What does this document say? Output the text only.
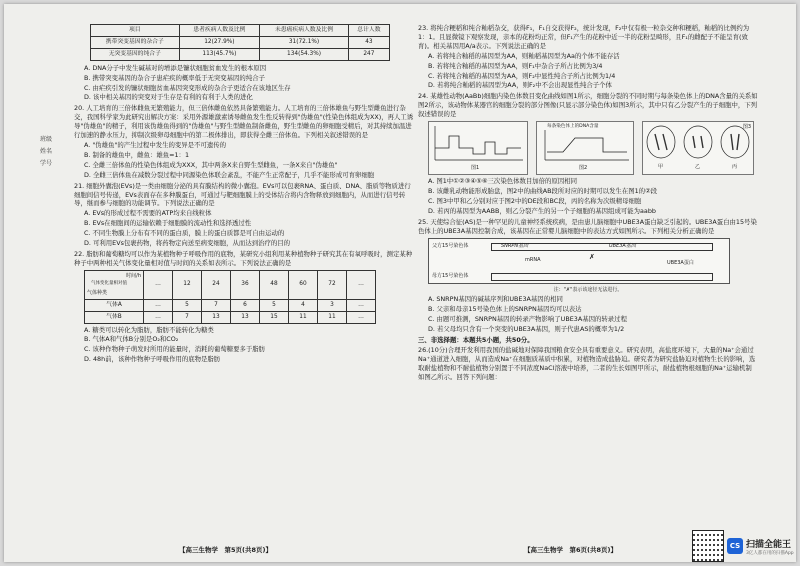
班级　姓名　学号
项目	患者疾病人数及比例	未患癌疾病人数及比例	总计人数
携带突变基因的杂合子	12(27.9%)	31(72.1%)	43
无突变基因的纯合子	113(45.7%)	134(54.3%)	247

A. DNA分子中发生碱基对的增添是镰状细胞贫血发生的根本原因

B. 携带突变基因的杂合子患疟疾的概率低于无突变基因的纯合子

C. 由疟疾引发的镰状细胞贫血基因突变形成的杂合子更适合在该地区生存

D. 该中相关基因的突变对于生存是有利的有利于人类的进化

20. 人工培育的三倍体雌鱼无繁殖能力，但三倍体雌鱼依然具备繁殖能力。人工培育的三倍体雄鱼与野生型雌鱼进行杂交，我国科学家为此研究出解决方案：采用外源雄激素诱导雌鱼发生性反转得到"伪雄鱼"(性染色体组成为XX)，再人工诱导"伪雄鱼"的精子，利用该伪雄鱼得到的"伪雄鱼"与野生型雌鱼制备雌鱼，野生型雌鱼的卵细胞受精后，对其持续加温进行加速的静水压力，抑制次级卵母细胞中的第二极体排出，即获得全雌三倍体鱼。下列相关叙述错误的是

A. "伪雄鱼"的产生过程中发生的变异是不可遗传的

B. 制备的雄鱼中，雌鱼：雄鱼=1：1

C. 全雌三倍体鱼的性染色体组成为XXX，其中两条X来自野生型雌鱼，一条X来自"伪雄鱼"

D. 全雌三倍体鱼在减数分裂过程中同源染色体联会紊乱，不能产生正常配子，几乎不能形成可育卵细胞

21. 细胞外囊泡(EVs)是一类由细胞分泌的具有膜结构的微小囊泡。EVs可以包裹RNA、蛋白质、DNA、脂质等物质进行细胞间信号传递，EVs表面存在多种膜蛋白，可通过与靶细胞膜上的受体结合将内含物释放到细胞内，从而进行信号转导，继而参与细胞的功能调节。下列说法正确的是

A. EVs的形成过程不需要的ATP均来自线粒体

B. EVs在细胞间的运输依赖于细胞膜的流动性和选择透过性

C. 不同生物膜上分布有不同的蛋白质，膜上的蛋白质都是可自由运动的

D. 可利用EVs包裹药物，将药物定向送至病变细胞，从而达到治疗的目的

22. 脂肪和葡萄糖均可以作为某植物种子呼吸作用的底物，某研究小组利用某种植物种子研究其在有氧呼吸时，测定某种种子中两种相关气体变化量相对值与时间的关系如表所示。下列说法正确的是

时间/h
气体变化量相对值
气体种类	…	12	24	36	48	60	72	…
气体A	…	5	7	6	5	4	3	…
气体B	…	7	13	13	15	11	11	…

A. 糖类可以转化为脂肪，脂肪不能转化为糖类

B. 气体A和气体B分别是O₂和CO₂

C. 该种作物种子萌发时所用的能量时，消耗的葡萄糖要多于脂肪

D. 48h前，该种作物种子呼吸作用的底物是脂肪

【高三生物学　第5页(共8页)】

23. 将纯合粳稻和纯合籼稻杂交，获得F₁，F₁自交获得F₂，统计发现，F₂中仅有极一粒杂交种和粳稻，籼稻的比例约为1：1。且显微镜下观察发现，亲本的花粉均正常，但F₁产生的花粉中近一半的花粉呈畸形，且F₁的雌配子不能呈育(致育)。相关基因用A/a表示。下列说法正确的是

A. 若将纯合籼稻的基因型为AA，则籼稻基因型为Aa的个体不能存活

B. 若将纯合籼稻的基因型为AA，则F₁中杂合子所占比例为3/4

C. 若将纯合籼稻的基因型为AA，则F₂中显性纯合子所占比例为1/4

D. 若将纯合籼稻的基因型为AA，则F₂中不会出现显性纯合子个体

24. 某雄性动物(AaBb)细胞内染色体数目变化曲线如图1所示，细胞分裂的不同时期与每条染色体上的DNA含量的关系如图2所示，该动物体某器官的细胞分裂的部分图像(只显示部分染色体)如图3所示，其中只有乙分裂产生的子细胞中，下列叙述错误的是

图1
每条染色体上的DNA含量
图2	甲	乙	丙
图3

A. 图1中①②③④⑤⑥三次染色体数目加倍的原因相同

B. 该雌乳动物能形成胎盘，图2中的曲线AB段所对应的时期可以发生在图1的②段

C. 图3中甲和乙分别对应于图2中的DE段和BC段，丙的名称为次级精母细胞

D. 若丙的基因型为AABB，则乙分裂产生的另一个子细胞的基因组成可能为aabb

25. 天使综合征(AS)是一种罕见的儿童神经系统疾病，是由患儿脑细胞中UBE3A蛋白缺乏引起的。UBE3A蛋白由15号染色体上的UBE3A基因控制合成，该基因在正常婴儿脑细胞中的表达方式如图所示。下列相关分析正确的是

父方15号染色体
母方15号染色体
SNRPN基因	UBE3A基因
mRNA	✗
UBE3A蛋白

注："✗"表示该途径无法进行。

A. SNRPN基因的碱基序列和UBE3A基因的相同

B. 父亲和母亲15号染色体上的SNRPN基因均可以表达

C. 由题可推测，SNRPN基因的转录产物影响了UBE3A基因的转录过程

D. 若父母均只含有一个突变的UBE3A基因，则子代患AS的概率为1/2

三、非选择题：本题共5小题，共50分。

26.(10分)合理开发利用我国的盐碱地对保障我国粮食安全具有重要意义。研究表明，高盐度环境下，大量的Na⁺会通过Na⁺通道进入细胞，从而造成Na⁺在细胞质基质中积累，对植物造成盐胁迫。研究者为研究盐胁迫对植物生长的影响，选取耐盐植物和不耐盐植物分别置于不同浓度NaCl溶液中培养，二者的生长如图甲所示，耐盐植物根细胞的Na⁺运输机制如图乙所示。回答下列问题：

【高三生物学　第6页(共8页)】	CS 扫描全能王
3亿人都在用的扫描App
